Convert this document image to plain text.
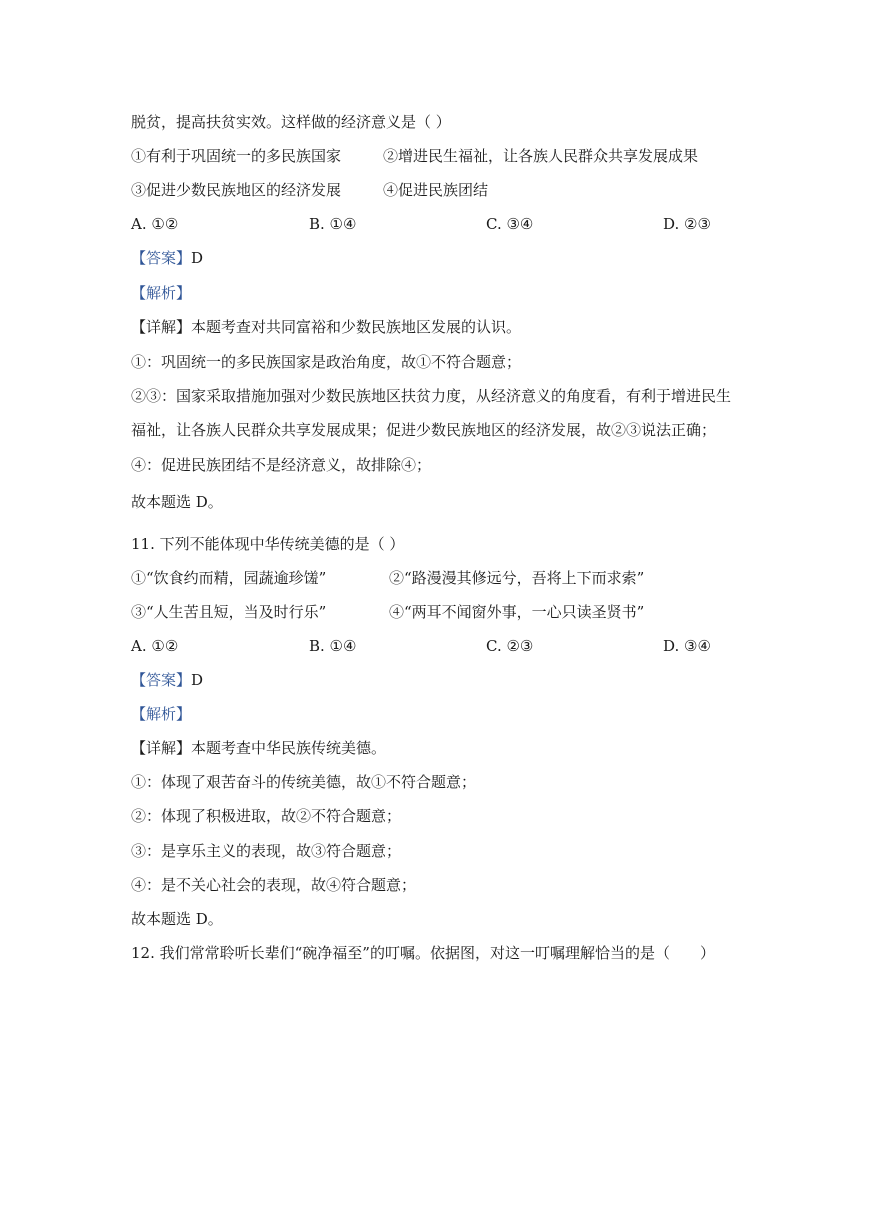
脱贫，提高扶贫实效。这样做的经济意义是（ ）
①有利于巩固统一的多民族国家	②增进民生福祉，让各族人民群众共享发展成果
③促进少数民族地区的经济发展	④促进民族团结
A. ①②	B. ①④	C. ③④	D. ②③
【答案】D
【解析】
【详解】本题考查对共同富裕和少数民族地区发展的认识。
①：巩固统一的多民族国家是政治角度，故①不符合题意；
②③：国家采取措施加强对少数民族地区扶贫力度，从经济意义的角度看，有利于增进民生
福祉，让各族人民群众共享发展成果；促进少数民族地区的经济发展，故②③说法正确；
④：促进民族团结不是经济意义，故排除④；
故本题选 D。
11. 下列不能体现中华传统美德的是（ ）
①“饮食约而精，园蔬逾珍馐”	②“路漫漫其修远兮，吾将上下而求索”
③“人生苦且短，当及时行乐”	④“两耳不闻窗外事，一心只读圣贤书”
A. ①②	B. ①④	C. ②③	D. ③④
【答案】D
【解析】
【详解】本题考查中华民族传统美德。
①：体现了艰苦奋斗的传统美德，故①不符合题意；
②：体现了积极进取，故②不符合题意；
③：是享乐主义的表现，故③符合题意；
④：是不关心社会的表现，故④符合题意；
故本题选 D。
12. 我们常常聆听长辈们“碗净福至”的叮嘱。依据图，对这一叮嘱理解恰当的是（　　）
